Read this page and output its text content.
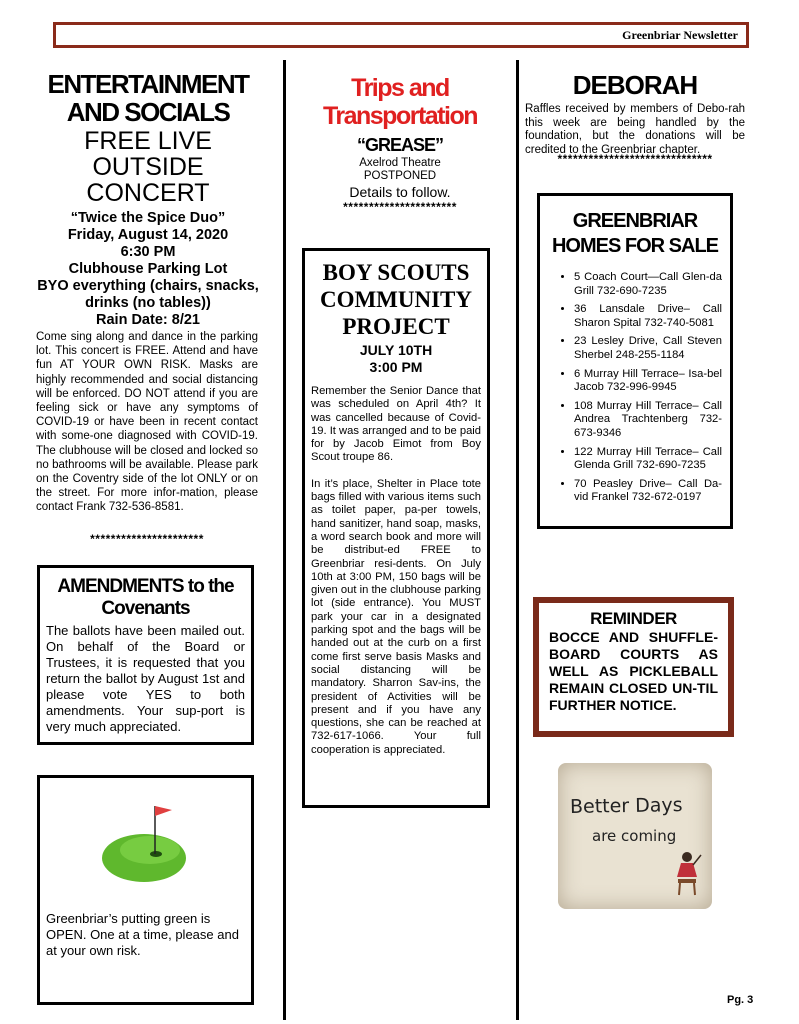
Greenbriar Newsletter
ENTERTAINMENT AND SOCIALS
FREE LIVE OUTSIDE CONCERT
“Twice the Spice Duo”
Friday, August 14, 2020
6:30 PM
Clubhouse Parking Lot
BYO everything (chairs, snacks, drinks (no tables))
Rain Date: 8/21
Come sing along and dance in the parking lot. This concert is FREE. Attend and have fun AT YOUR OWN RISK. Masks are highly recommended and social distancing will be enforced. DO NOT attend if you are feeling sick or have any symptoms of COVID-19 or have been in recent contact with some-one diagnosed with COVID-19. The clubhouse will be closed and locked so no bathrooms will be available. Please park on the Coventry side of the lot ONLY or on the street. For more infor-mation, please contact Frank 732-536-8581.
**********************
AMENDMENTS to the Covenants
The ballots have been mailed out. On behalf of the Board or Trustees, it is requested that you return the ballot by August 1st and please vote YES to both amendments. Your sup-port is very much appreciated.
Greenbriar’s putting green is OPEN. One at a time, please and at your own risk.
Trips and Transportation
“GREASE”
Axelrod Theatre
POSTPONED
Details to follow.
**********************
BOY SCOUTS COMMUNITY PROJECT
JULY 10TH
3:00 PM

Remember the Senior Dance that was scheduled on April 4th? It was cancelled because of Covid-19. It was arranged and to be paid for by Jacob Eimot from Boy Scout troupe 86.

In it’s place, Shelter in Place tote bags filled with various items such as toilet paper, pa-per towels, hand sanitizer, hand soap, masks, a word search book and more will be distribut-ed FREE to Greenbriar resi-dents. On July 10th at 3:00 PM, 150 bags will be given out in the clubhouse parking lot (side entrance). You MUST park your car in a designated parking spot and the bags will be handed out at the curb on a first come first serve basis Masks and social distancing will be mandatory. Sharron Sav-ins, the president of Activities will be present and if you have any questions, she can be reached at 732-617-1066. Your full cooperation is appreciated.

DEBORAH
Raffles received by members of Debo-rah this week are being handled by the foundation, but the donations will be credited to the Greenbriar chapter.
******************************
GREENBRIAR HOMES FOR SALE
• 5 Coach Court—Call Glen-da Grill 732-690-7235
• 36 Lansdale Drive– Call Sharon Spital 732-740-5081
• 23 Lesley Drive, Call Steven Sherbel 248-255-1184
• 6 Murray Hill Terrace– Isa-bel Jacob 732-996-9945
• 108 Murray Hill Terrace– Call Andrea Trachtenberg 732-673-9346
• 122 Murray Hill Terrace– Call Glenda Grill 732-690-7235
• 70 Peasley Drive– Call Da-vid Frankel 732-672-0197
REMINDER
BOCCE AND SHUFFLE-BOARD COURTS AS WELL AS PICKLEBALL REMAIN CLOSED UN-TIL FURTHER NOTICE.
Better Days
are coming
Pg. 3
